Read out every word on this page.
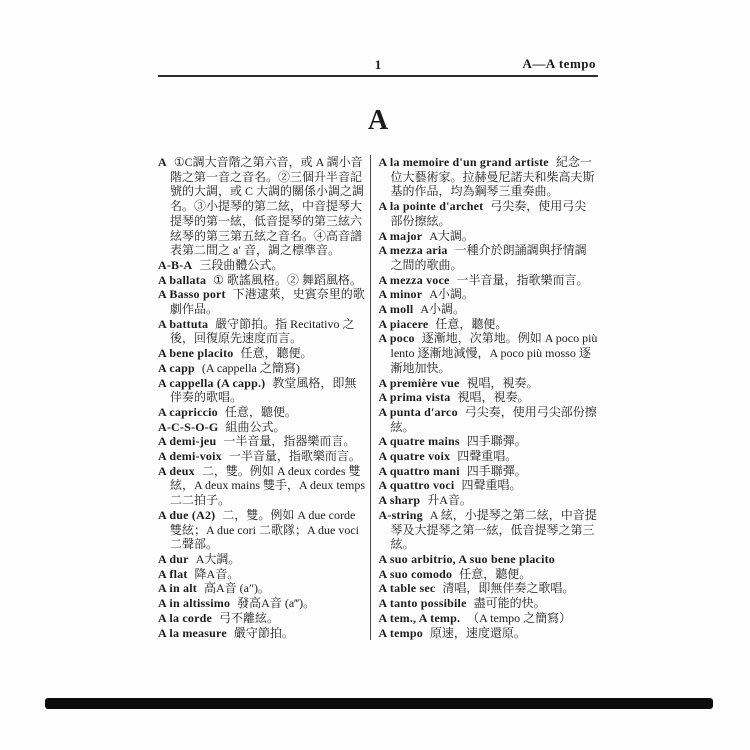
1	A—A tempo
A
A ①C調大音階之第六音，或 A 調小音階之第一音之音名。②三個升半音記號的大調，或 C 大調的關係小調之調名。③小提琴的第二絃，中音提琴大提琴的第一絃，低音提琴的第三絃六絃琴的第三第五絃之音名。④高音譜表第二間之 a′ 音，調之標準音。
A-B-A 三段曲體公式。
A ballata ① 歌謠風格。② 舞蹈風格。
A Basso port 下港逮萊，史賓奈里的歌劇作品。
A battuta 嚴守節拍。指 Recitativo 之後，回復原先速度而言。
A bene placito 任意，聽便。
A capp (A cappella 之簡寫)
A cappella (A capp.) 教堂風格，即無伴奏的歌唱。
A capriccio 任意，聽便。
A-C-S-O-G 組曲公式。
A demi-jeu 一半音量，指器樂而言。
A demi-voix 一半音量，指歌樂而言。
A deux 二，雙。例如 A deux cordes 雙絃，A deux mains 雙手，A deux temps 二二拍子。
A due (A2) 二，雙。例如 A due corde 雙絃；A due cori 二歌隊；A due voci 二聲部。
A dur A大調。
A flat 降A音。
A in alt 高A音 (a″)。
A in altissimo 發高A音 (a‴)。
A la corde 弓不離絃。
A la measure 嚴守節拍。
A la memoire d'un grand artiste 紀念一位大藝術家。拉赫曼尼諾夫和柴高夫斯基的作品，均為鋼琴三重奏曲。
A la pointe d'archet 弓尖奏，使用弓尖部份擦絃。
A major A大調。
A mezza aria 一種介於朗誦調與抒情調之間的歌曲。
A mezza voce 一半音量，指歌樂而言。
A minor A小調。
A moll A小調。
A piacere 任意，聽便。
A poco 逐漸地，次第地。例如 A poco più lento 逐漸地減慢，A poco più mosso 逐漸地加快。
A première vue 視唱，視奏。
A prima vista 視唱，視奏。
A punta d'arco 弓尖奏，使用弓尖部份擦絃。
A quatre mains 四手聯彈。
A quatre voix 四聲重唱。
A quattro mani 四手聯彈。
A quattro voci 四聲重唱。
A sharp 升A音。
A-string A 絃，小提琴之第二絃，中音提琴及大提琴之第一絃，低音提琴之第三絃。
A suo arbitrio, A suo bene placito
A suo comodo 任意，聽便。
A table sec 清唱，即無伴奏之歌唱。
A tanto possibile 盡可能的快。
A tem., A temp. （A tempo 之簡寫）
A tempo 原速，速度還原。
